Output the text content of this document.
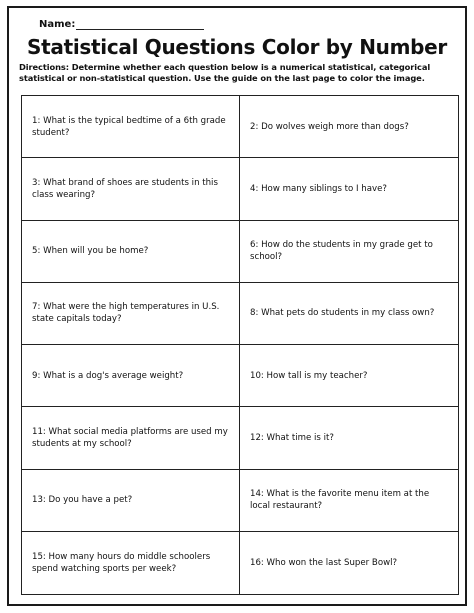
Name:
Statistical Questions Color by Number
Directions: Determine whether each question below is a numerical statistical, categorical statistical or non-statistical question. Use the guide on the last page to color the image.
1: What is the typical bedtime of a 6th grade student?
2: Do wolves weigh more than dogs?
3: What brand of shoes are students in this class wearing?
4: How many siblings to I have?
5: When will you be home?
6: How do the students in my grade get to school?
7: What were the high temperatures in U.S. state capitals today?
8: What pets do students in my class own?
9: What is a dog's average weight?	10: How tall is my teacher?
11: What social media platforms are used my students at my school?
12: What time is it?
13: Do you have a pet?
14: What is the favorite menu item at the local restaurant?
15: How many hours do middle schoolers spend watching sports per week?
16: Who won the last Super Bowl?
